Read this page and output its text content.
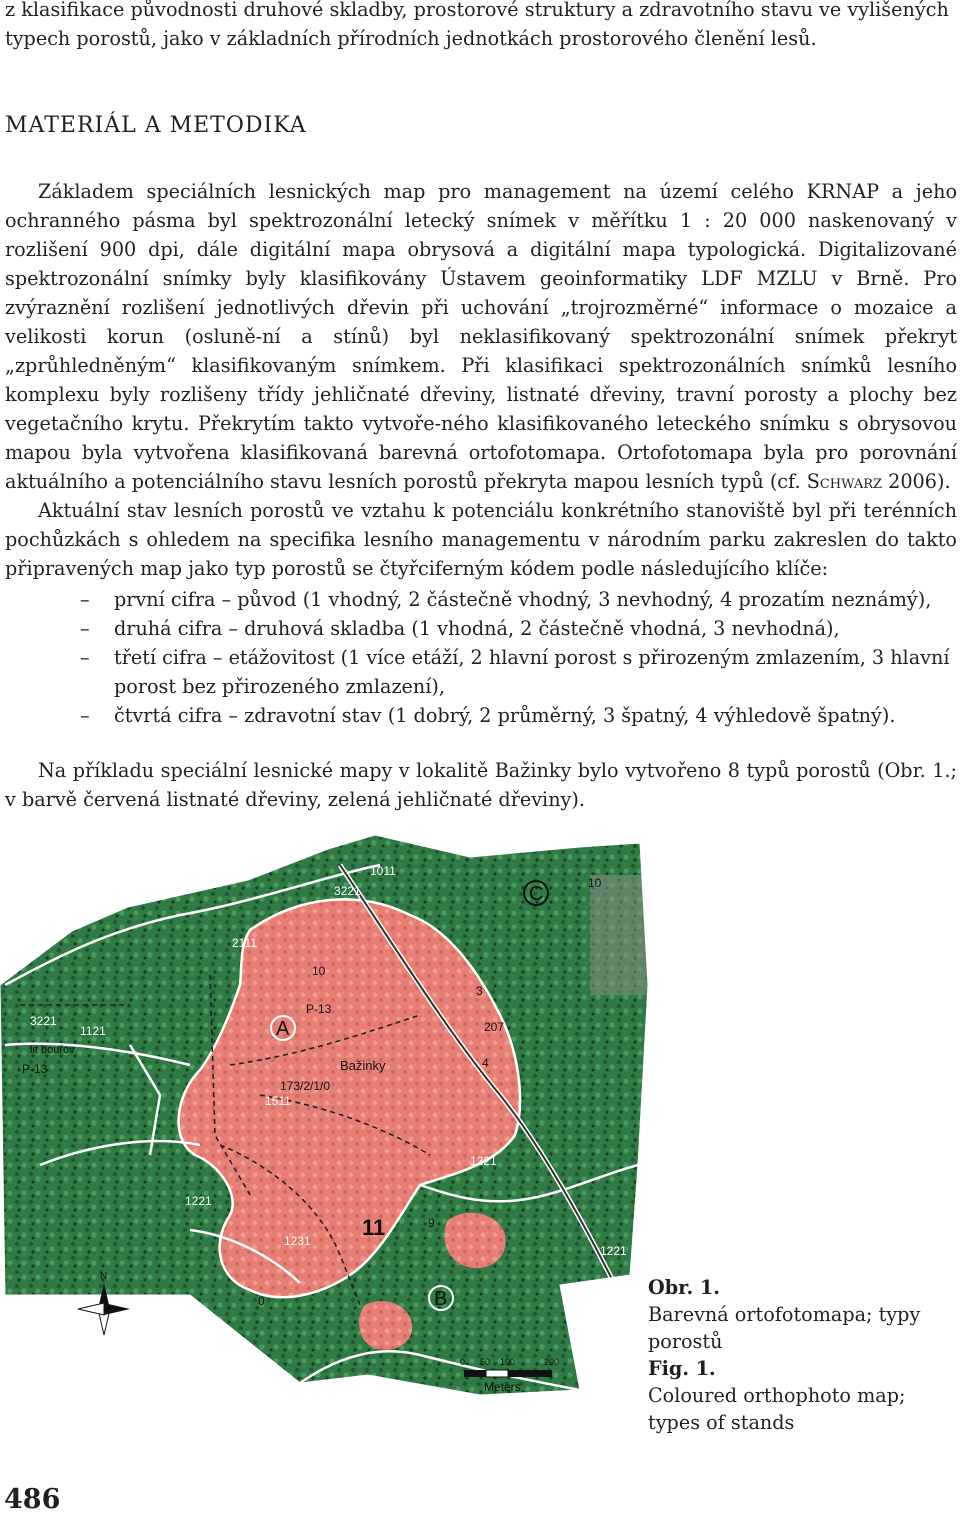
z klasifikace původnosti druhové skladby, prostorové struktury a zdravotního stavu ve vylišených typech porostů, jako v základních přírodních jednotkách prostorového členění lesů.

MATERIÁL A METODIKA

Základem speciálních lesnických map pro management na území celého KRNAP a jeho ochranného pásma byl spektrozonální letecký snímek v měřítku 1 : 20 000 naskenovaný v rozlišení 900 dpi, dále digitální mapa obrysová a digitální mapa typologická. Digitalizované spektrozonální snímky byly klasifikovány Ústavem geoinformatiky LDF MZLU v Brně. Pro zvýraznění rozlišení jednotlivých dřevin při uchování „trojrozměrné“ informace o mozaice a velikosti korun (osluně-ní a stínů) byl neklasifikovaný spektrozonální snímek překryt „zprůhledněným“ klasifikovaným snímkem. Při klasifikaci spektrozonálních snímků lesního komplexu byly rozlišeny třídy jehličnaté dřeviny, listnaté dřeviny, travní porosty a plochy bez vegetačního krytu. Překrytím takto vytvoře-ného klasifikovaného leteckého snímku s obrysovou mapou byla vytvořena klasifikovaná barevná ortofotomapa. Ortofotomapa byla pro porovnání aktuálního a potenciálního stavu lesních porostů překryta mapou lesních typů (cf. Schwarz 2006).

Aktuální stav lesních porostů ve vztahu k potenciálu konkrétního stanoviště byl při terénních pochůzkách s ohledem na specifika lesního managementu v národním parku zakreslen do takto připravených map jako typ porostů se čtyřciferným kódem podle následujícího klíče:

– první cifra – původ (1 vhodný, 2 částečně vhodný, 3 nevhodný, 4 prozatím neznámý),
– druhá cifra – druhová skladba (1 vhodná, 2 částečně vhodná, 3 nevhodná),
– třetí cifra – etážovitost (1 více etáží, 2 hlavní porost s přirozeným zmlazením, 3 hlavní porost bez přirozeného zmlazení),
– čtvrtá cifra – zdravotní stav (1 dobrý, 2 průměrný, 3 špatný, 4 výhledově špatný).

Na příkladu speciální lesnické mapy v lokalitě Bažinky bylo vytvořeno 8 typů porostů (Obr. 1.; v barvě červená listnaté dřeviny, zelená jehličnaté dřeviny).

3221
2111
1121
3221
1511
1221
1221
1231
1221
1011
P-13
P-13
173/2/1/0
207
3
4
9
11
10
0
10
Bažinky
lit bouřov
A
B
C
N
0 50 100	200
Meters
Obr. 1.
Barevná ortofotomapa; typy porostů
Fig. 1.
Coloured orthophoto map; types of stands
486
